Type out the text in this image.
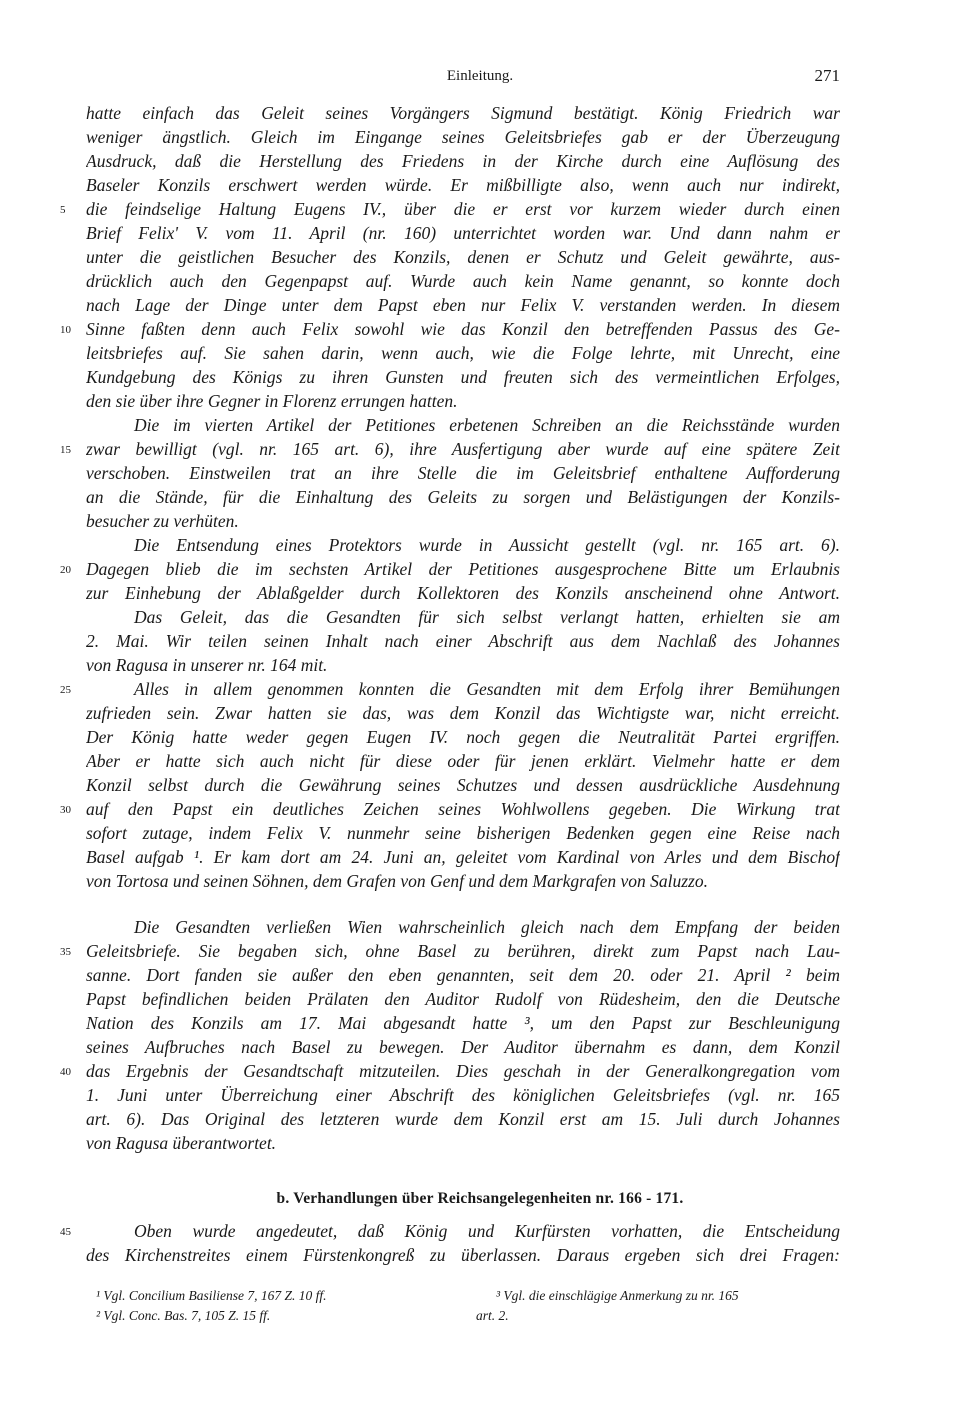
Einleitung.	271
hatte einfach das Geleit seines Vorgängers Sigmund bestätigt. König Friedrich war
weniger ängstlich. Gleich im Eingange seines Geleitsbriefes gab er der Überzeugung
Ausdruck, daß die Herstellung des Friedens in der Kirche durch eine Auflösung des
Baseler Konzils erschwert werden würde. Er mißbilligte also, wenn auch nur indirekt,
die feindselige Haltung Eugens IV., über die er erst vor kurzem wieder durch einen
5
Brief Felix' V. vom 11. April (nr. 160) unterrichtet worden war. Und dann nahm er
unter die geistlichen Besucher des Konzils, denen er Schutz und Geleit gewährte, aus-
drücklich auch den Gegenpapst auf. Wurde auch kein Name genannt, so konnte doch
nach Lage der Dinge unter dem Papst eben nur Felix V. verstanden werden. In diesem
Sinne faßten denn auch Felix sowohl wie das Konzil den betreffenden Passus des Ge-
10
leitsbriefes auf. Sie sahen darin, wenn auch, wie die Folge lehrte, mit Unrecht, eine
Kundgebung des Königs zu ihren Gunsten und freuten sich des vermeintlichen Erfolges,
den sie über ihre Gegner in Florenz errungen hatten.
Die im vierten Artikel der Petitiones erbetenen Schreiben an die Reichsstände wurden
zwar bewilligt (vgl. nr. 165 art. 6), ihre Ausfertigung aber wurde auf eine spätere Zeit
15
verschoben. Einstweilen trat an ihre Stelle die im Geleitsbrief enthaltene Aufforderung
an die Stände, für die Einhaltung des Geleits zu sorgen und Belästigungen der Konzils-
besucher zu verhüten.
Die Entsendung eines Protektors wurde in Aussicht gestellt (vgl. nr. 165 art. 6).
Dagegen blieb die im sechsten Artikel der Petitiones ausgesprochene Bitte um Erlaubnis
20
zur Einhebung der Ablaßgelder durch Kollektoren des Konzils anscheinend ohne Antwort.
Das Geleit, das die Gesandten für sich selbst verlangt hatten, erhielten sie am
2. Mai. Wir teilen seinen Inhalt nach einer Abschrift aus dem Nachlaß des Johannes
von Ragusa in unserer nr. 164 mit.
Alles in allem genommen konnten die Gesandten mit dem Erfolg ihrer Bemühungen
25
zufrieden sein. Zwar hatten sie das, was dem Konzil das Wichtigste war, nicht erreicht.
Der König hatte weder gegen Eugen IV. noch gegen die Neutralität Partei ergriffen.
Aber er hatte sich auch nicht für diese oder für jenen erklärt. Vielmehr hatte er dem
Konzil selbst durch die Gewährung seines Schutzes und dessen ausdrückliche Ausdehnung
auf den Papst ein deutliches Zeichen seines Wohlwollens gegeben. Die Wirkung trat
30
sofort zutage, indem Felix V. nunmehr seine bisherigen Bedenken gegen eine Reise nach
Basel aufgab ¹. Er kam dort am 24. Juni an, geleitet vom Kardinal von Arles und dem Bischof
von Tortosa und seinen Söhnen, dem Grafen von Genf und dem Markgrafen von Saluzzo.
Die Gesandten verließen Wien wahrscheinlich gleich nach dem Empfang der beiden
Geleitsbriefe. Sie begaben sich, ohne Basel zu berühren, direkt zum Papst nach Lau-
35
sanne. Dort fanden sie außer den eben genannten, seit dem 20. oder 21. April ² beim
Papst befindlichen beiden Prälaten den Auditor Rudolf von Rüdesheim, den die Deutsche
Nation des Konzils am 17. Mai abgesandt hatte ³, um den Papst zur Beschleunigung
seines Aufbruches nach Basel zu bewegen. Der Auditor übernahm es dann, dem Konzil
das Ergebnis der Gesandtschaft mitzuteilen. Dies geschah in der Generalkongregation vom
40
1. Juni unter Überreichung einer Abschrift des königlichen Geleitsbriefes (vgl. nr. 165
art. 6). Das Original des letzteren wurde dem Konzil erst am 15. Juli durch Johannes
von Ragusa überantwortet.
Oben wurde angedeutet, daß König und Kurfürsten vorhatten, die Entscheidung
45
des Kirchenstreites einem Fürstenkongreß zu überlassen. Daraus ergeben sich drei Fragen:
b. Verhandlungen über Reichsangelegenheiten nr. 166 - 171.
¹ Vgl. Concilium Basiliense 7, 167 Z. 10 ff.
² Vgl. Conc. Bas. 7, 105 Z. 15 ff.
³ Vgl. die einschlägige Anmerkung zu nr. 165
art. 2.
